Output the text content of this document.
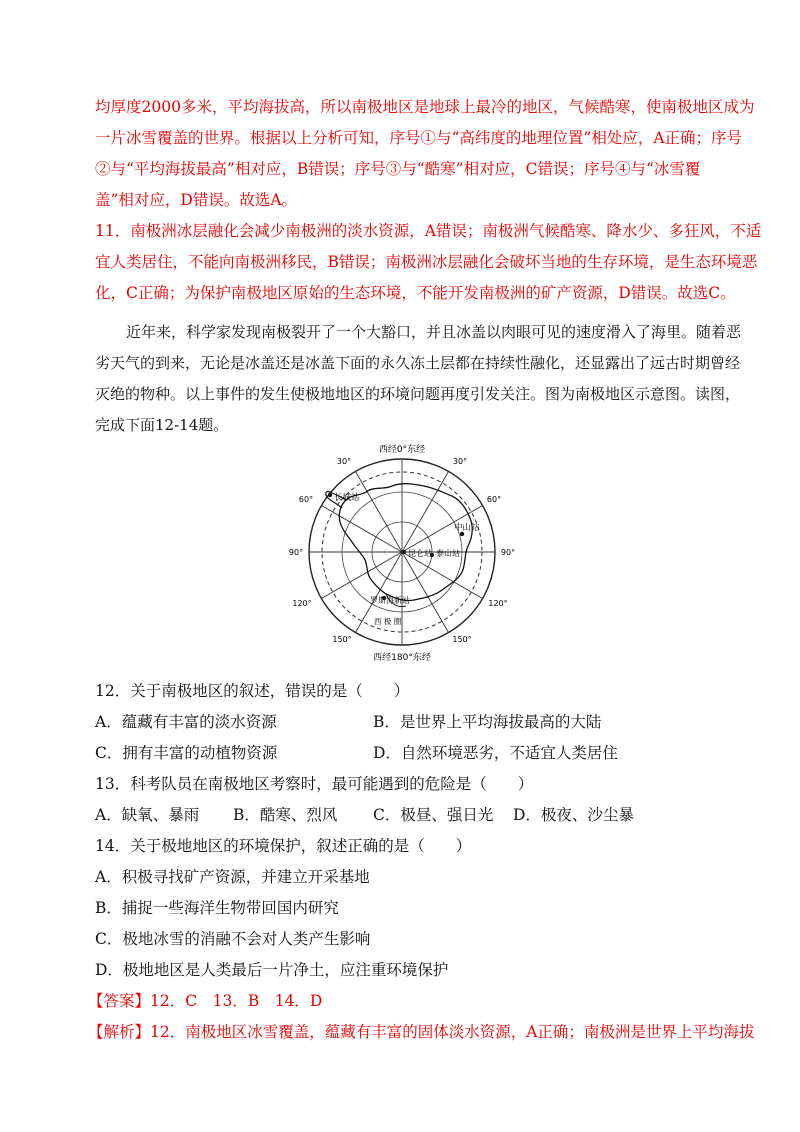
均厚度2000多米，平均海拔高，所以南极地区是地球上最冷的地区，气候酷寒，使南极地区成为
一片冰雪覆盖的世界。根据以上分析可知，序号①与“高纬度的地理位置”相处应，A正确；序号
②与“平均海拔最高”相对应，B错误；序号③与“酷寒”相对应，C错误；序号④与“冰雪覆
盖”相对应，D错误。故选A。
11．南极洲冰层融化会减少南极洲的淡水资源，A错误；南极洲气候酷寒、降水少、多狂风，不适
宜人类居住，不能向南极洲移民，B错误；南极洲冰层融化会破坏当地的生存环境，是生态环境恶
化，C正确；为保护南极地区原始的生态环境，不能开发南极洲的矿产资源，D错误。故选C。
近年来，科学家发现南极裂开了一个大豁口，并且冰盖以肉眼可见的速度滑入了海里。随着恶
劣天气的到来，无论是冰盖还是冰盖下面的永久冻土层都在持续性融化，还显露出了远古时期曾经
灭绝的物种。以上事件的发生使极地地区的环境问题再度引发关注。图为南极地区示意图。读图，
完成下面12-14题。
西经0°东经
西经180°东经
30°	30°
60°	60°
90°	90°
120°	120°
150°	150°
长城站
中山站
昆仑站 泰山站
罗斯海新站
西 极 圈
12．关于南极地区的叙述，错误的是（　　）
A．蕴藏有丰富的淡水资源	B．是世界上平均海拔最高的大陆
C．拥有丰富的动植物资源	D．自然环境恶劣，不适宜人类居住
13．科考队员在南极地区考察时，最可能遇到的危险是（　　）
A．缺氧、暴雨 B．酷寒、烈风 C．极昼、强日光 D．极夜、沙尘暴
14．关于极地地区的环境保护，叙述正确的是（　　）
A．积极寻找矿产资源，并建立开采基地
B．捕捉一些海洋生物带回国内研究
C．极地冰雪的消融不会对人类产生影响
D．极地地区是人类最后一片净土，应注重环境保护
【答案】12．C　13．B　14．D
【解析】12．南极地区冰雪覆盖，蕴藏有丰富的固体淡水资源，A正确；南极洲是世界上平均海拔
